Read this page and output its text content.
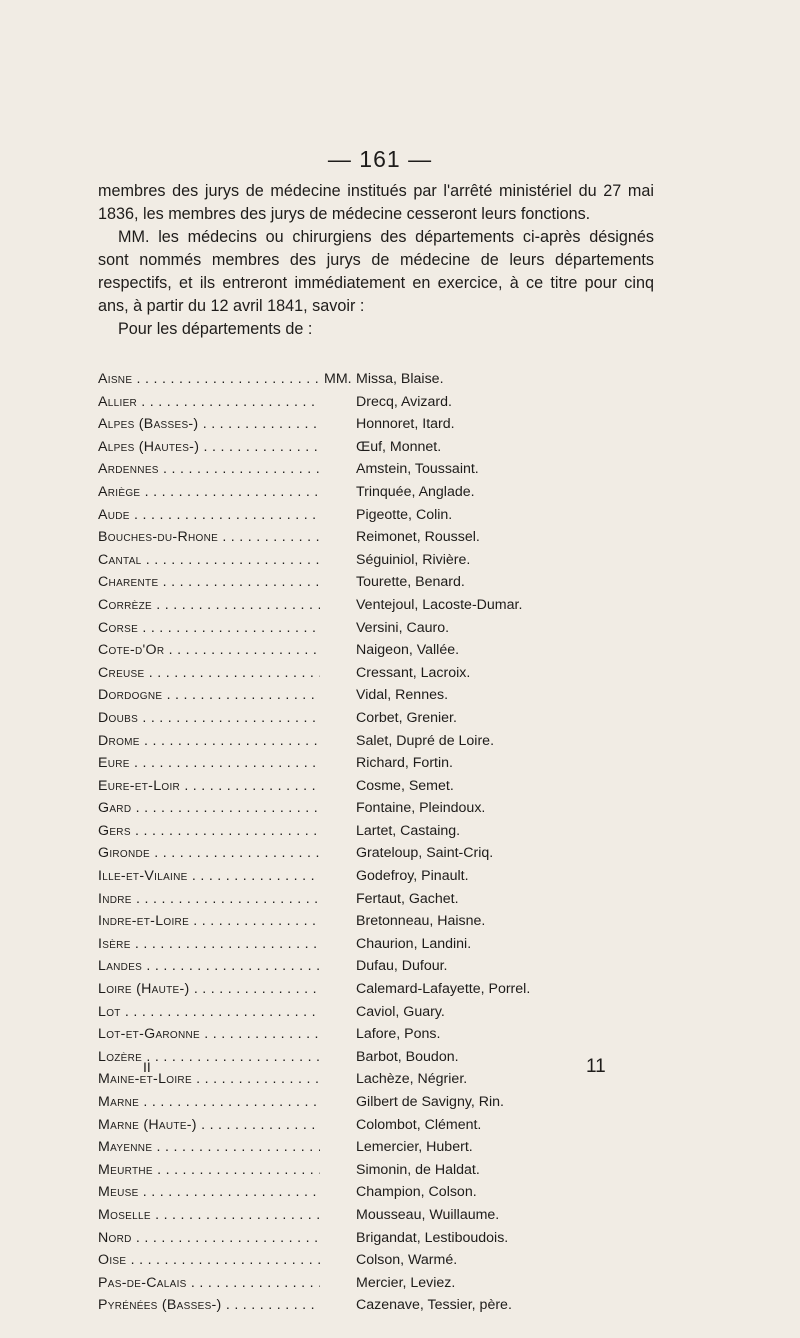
— 161 —

membres des jurys de médecine institués par l'arrêté ministériel du 27 mai 1836, les membres des jurys de médecine cesseront leurs fonctions.

MM. les médecins ou chirurgiens des départements ci-après désignés sont nommés membres des jurys de médecine de leurs départements respectifs, et ils entreront immédiatement en exercice, à ce titre pour cinq ans, à partir du 12 avril 1841, savoir :

Pour les départements de :

Aisne . . .	MM. Missa, Blaise.
Allier . . .	Drecq, Avizard.
Alpes (Basses-) . . .	Honnoret, Itard.
Alpes (Hautes-) . . .	Œuf, Monnet.
Ardennes . . .	Amstein, Toussaint.
Ariège . . .	Trinquée, Anglade.
Aude . . .	Pigeotte, Colin.
Bouches-du-Rhone . . .	Reimonet, Roussel.
Cantal . . .	Séguiniol, Rivière.
Charente . . .	Tourette, Benard.
Corrèze . . .	Ventejoul, Lacoste-Dumar.
Corse . . .	Versini, Cauro.
Cote-d'Or . . .	Naigeon, Vallée.
Creuse . . .	Cressant, Lacroix.
Dordogne . . .	Vidal, Rennes.
Doubs . . .	Corbet, Grenier.
Drome . . .	Salet, Dupré de Loire.
Eure . . .	Richard, Fortin.
Eure-et-Loir . . .	Cosme, Semet.
Gard . . .	Fontaine, Pleindoux.
Gers . . .	Lartet, Castaing.
Gironde . . .	Grateloup, Saint-Criq.
Ille-et-Vilaine . . .	Godefroy, Pinault.
Indre . . .	Fertaut, Gachet.
Indre-et-Loire . . .	Bretonneau, Haisne.
Isère . . .	Chaurion, Landini.
Landes . . .	Dufau, Dufour.
Loire (Haute-) . . .	Calemard-Lafayette, Porrel.
Lot . . .	Caviol, Guary.
Lot-et-Garonne . . .	Lafore, Pons.
Lozère . . .	Barbot, Boudon.
Maine-et-Loire . . .	Lachèze, Négrier.
Marne . . .	Gilbert de Savigny, Rin.
Marne (Haute-) . . .	Colombot, Clément.
Mayenne . . .	Lemercier, Hubert.
Meurthe . . .	Simonin, de Haldat.
Meuse . . .	Champion, Colson.
Moselle . . .	Mousseau, Wuillaume.
Nord . . .	Brigandat, Lestiboudois.
Oise . . .	Colson, Warmé.
Pas-de-Calais . . .	Mercier, Leviez.
Pyrénées (Basses-) . . .	Cazenave, Tessier, père.
II	11
